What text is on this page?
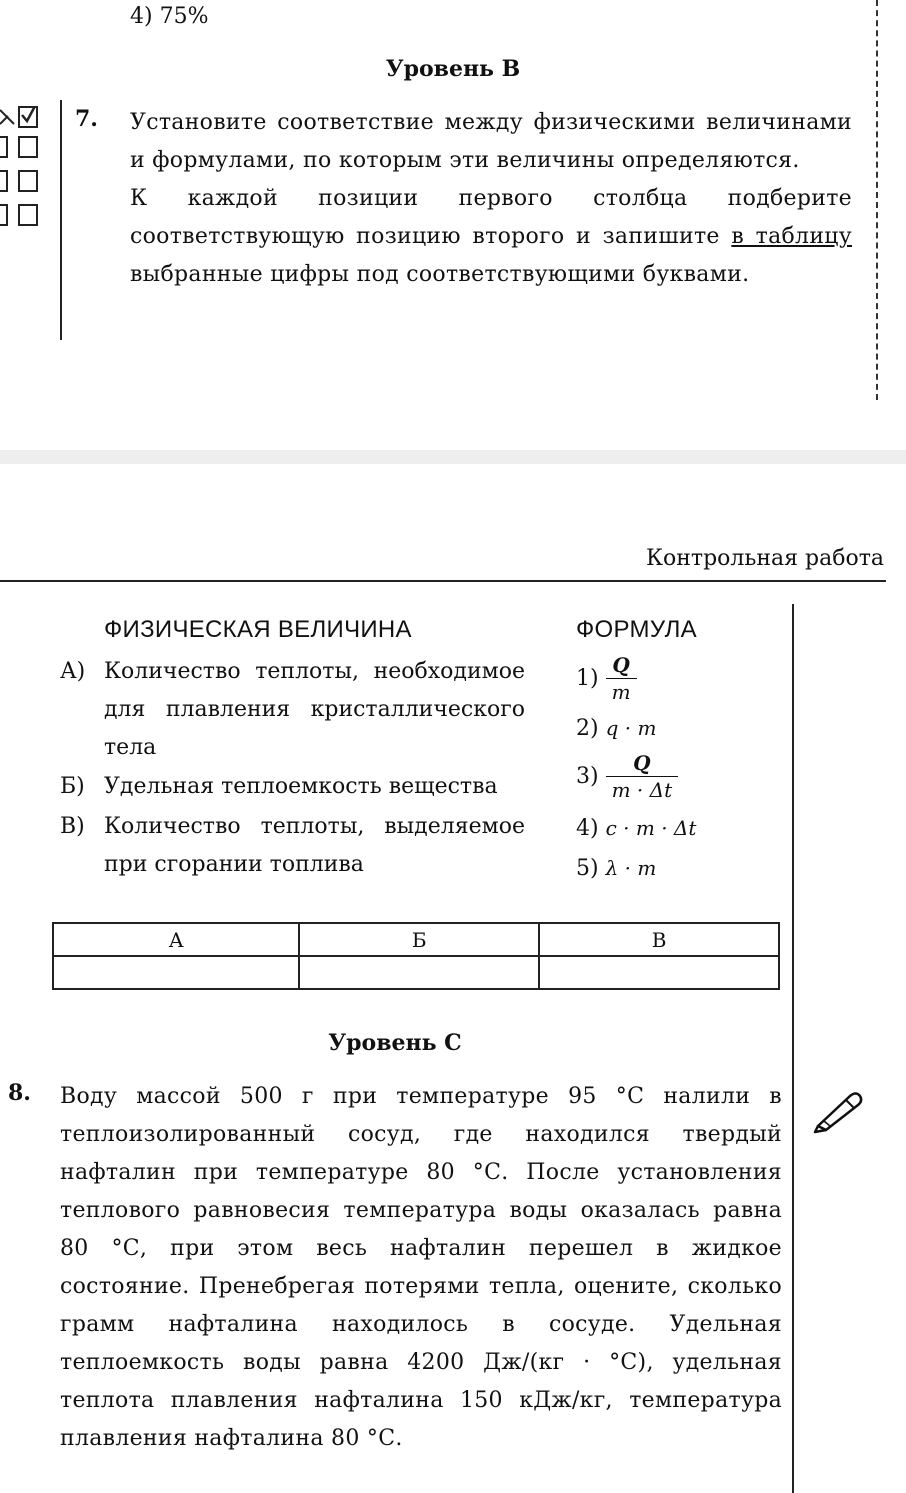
4) 75%
Уровень B
7. Установите соответствие между физическими величинами и формулами, по которым эти величины определяются.

К каждой позиции первого столбца подберите соответствующую позицию второго и запишите в таблицу выбранные цифры под соответствующими буквами.

Контрольная работа
ФИЗИЧЕСКАЯ ВЕЛИЧИНА	ФОРМУЛА
А) Количество теплоты, необходимое для плавления кристаллического тела
Б) Удельная теплоемкость вещества
В) Количество теплоты, выделяемое при сгорании топлива
$1) \frac{Q}{m}$
2) q · m
$3) \frac{Q}{m \cdot \Delta t}$
4) c · m · Δt
5) λ · m
А	Б	В

Уровень C
8. Воду массой 500 г при температуре 95 °С налили в теплоизолированный сосуд, где находился твердый нафталин при температуре 80 °С. После установления теплового равновесия температура воды оказалась равна 80 °С, при этом весь нафталин перешел в жидкое состояние. Пренебрегая потерями тепла, оцените, сколько грамм нафталина находилось в сосуде. Удельная теплоемкость воды равна 4200 Дж/(кг · °С), удельная теплота плавления нафталина 150 кДж/кг, температура плавления нафталина 80 °С.
